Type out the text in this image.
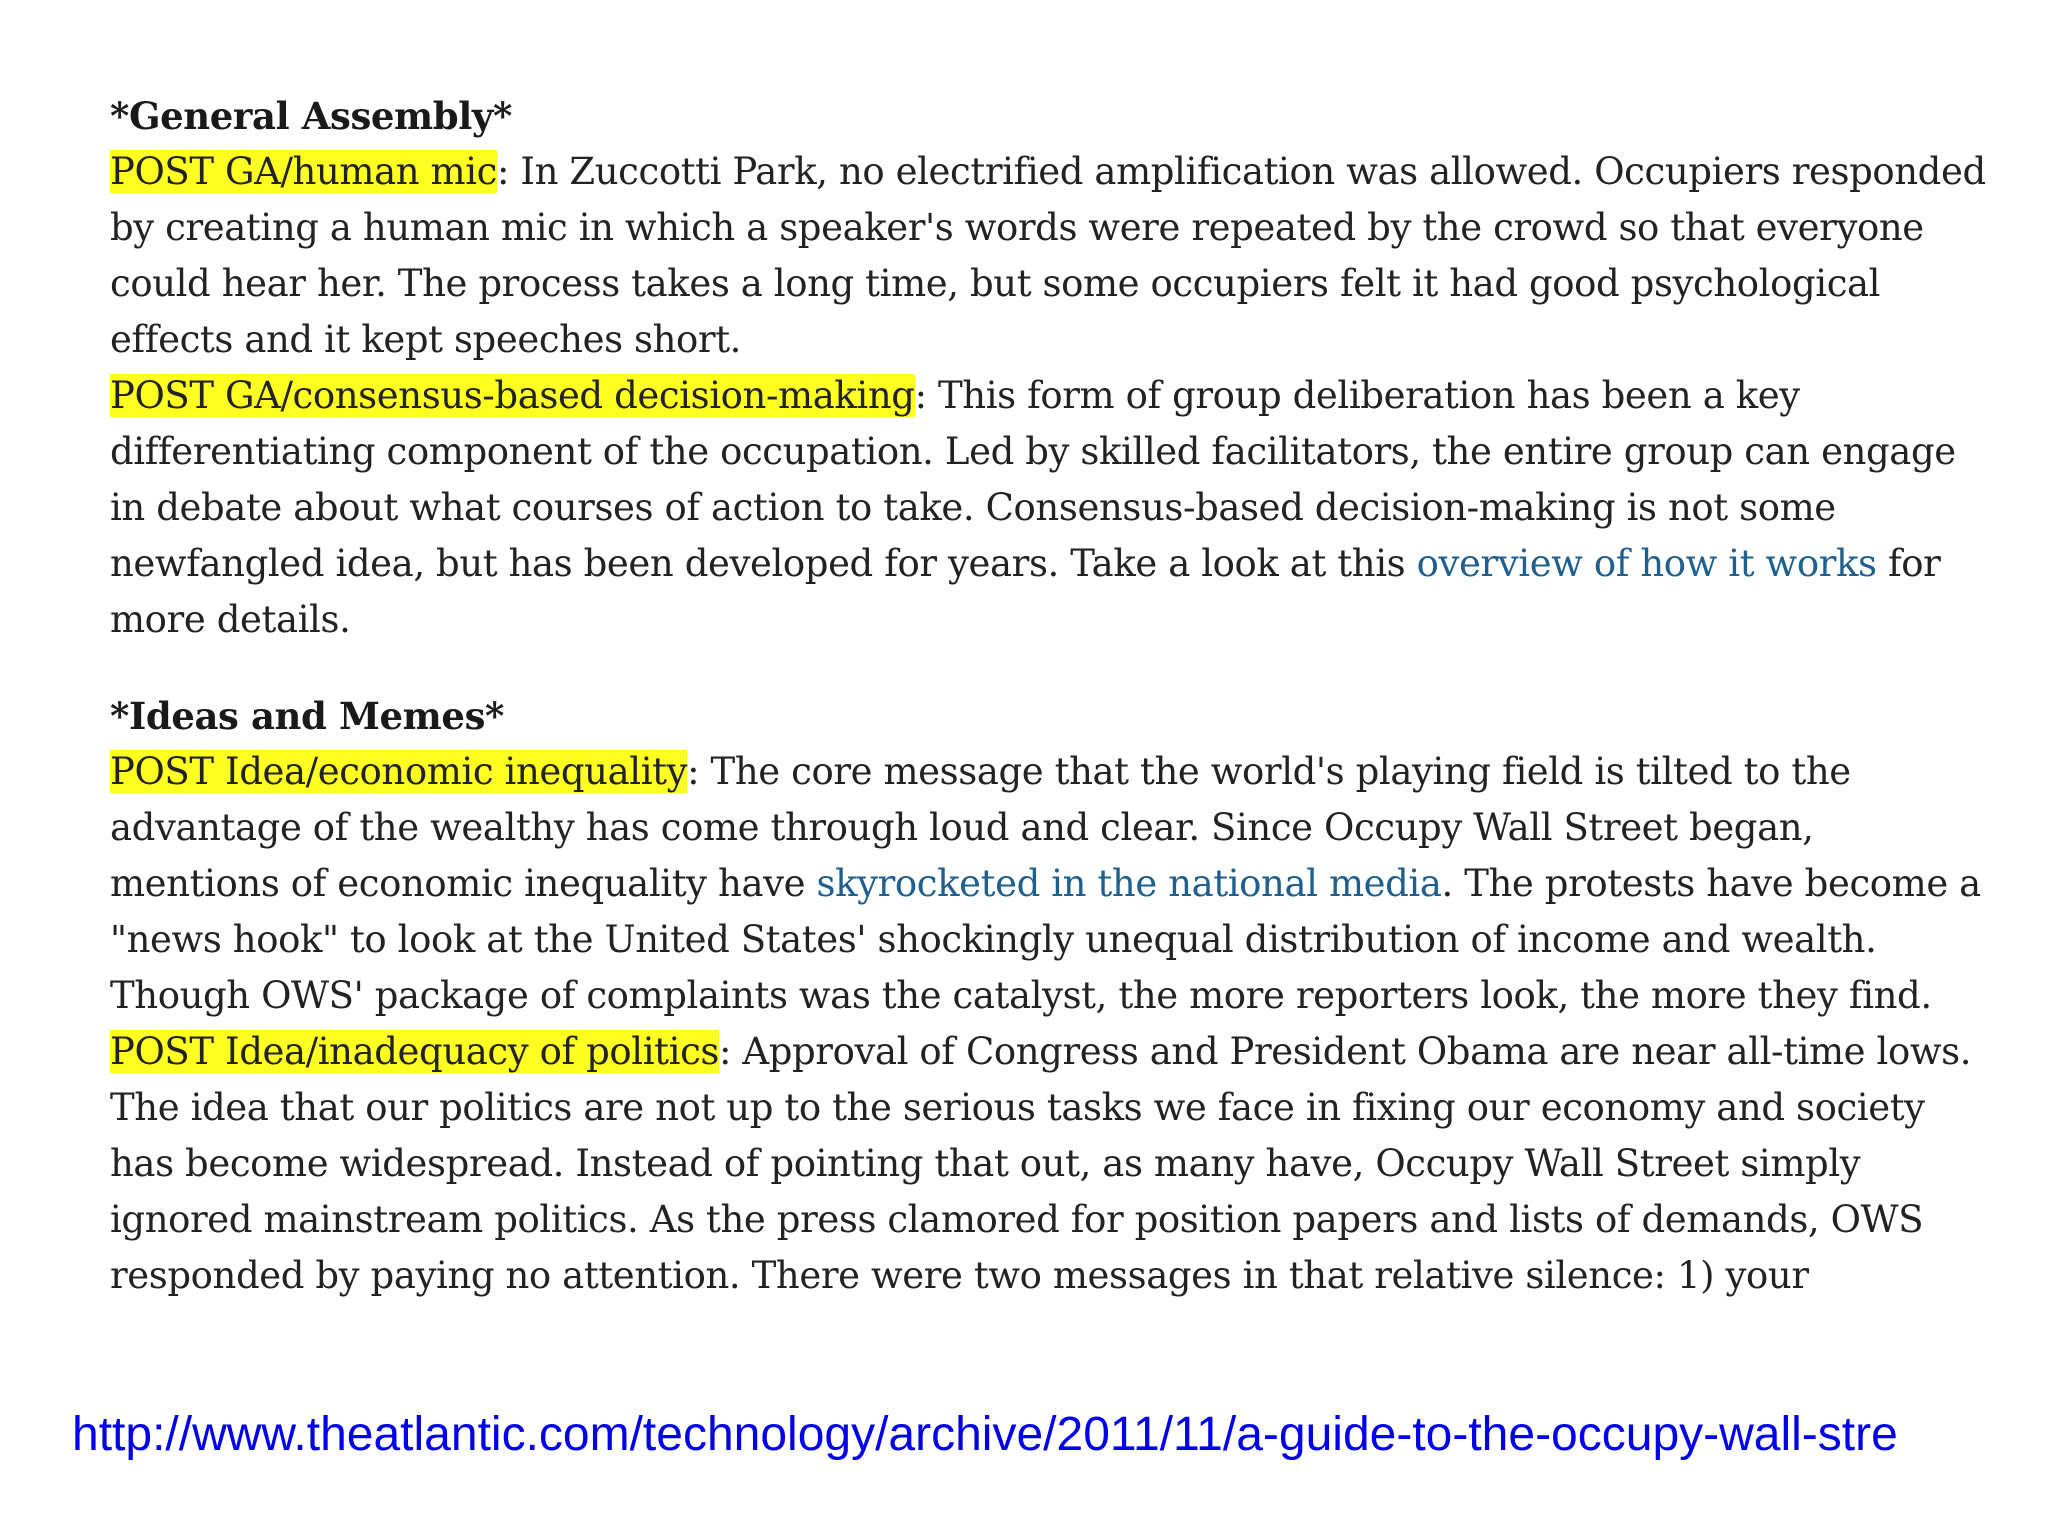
*General Assembly*

POST GA/human mic: In Zuccotti Park, no electrified amplification was allowed. Occupiers responded by creating a human mic in which a speaker's words were repeated by the crowd so that everyone could hear her. The process takes a long time, but some occupiers felt it had good psychological effects and it kept speeches short.

POST GA/consensus-based decision-making: This form of group deliberation has been a key differentiating component of the occupation. Led by skilled facilitators, the entire group can engage in debate about what courses of action to take. Consensus-based decision-making is not some newfangled idea, but has been developed for years. Take a look at this overview of how it works for more details.

*Ideas and Memes*

POST Idea/economic inequality: The core message that the world's playing field is tilted to the advantage of the wealthy has come through loud and clear. Since Occupy Wall Street began, mentions of economic inequality have skyrocketed in the national media. The protests have become a "news hook" to look at the United States' shockingly unequal distribution of income and wealth. Though OWS' package of complaints was the catalyst, the more reporters look, the more they find.

POST Idea/inadequacy of politics: Approval of Congress and President Obama are near all-time lows. The idea that our politics are not up to the serious tasks we face in fixing our economy and society has become widespread. Instead of pointing that out, as many have, Occupy Wall Street simply ignored mainstream politics. As the press clamored for position papers and lists of demands, OWS responded by paying no attention. There were two messages in that relative silence: 1) your

http://www.theatlantic.com/technology/archive/2011/11/a-guide-to-the-occupy-wall-stre
